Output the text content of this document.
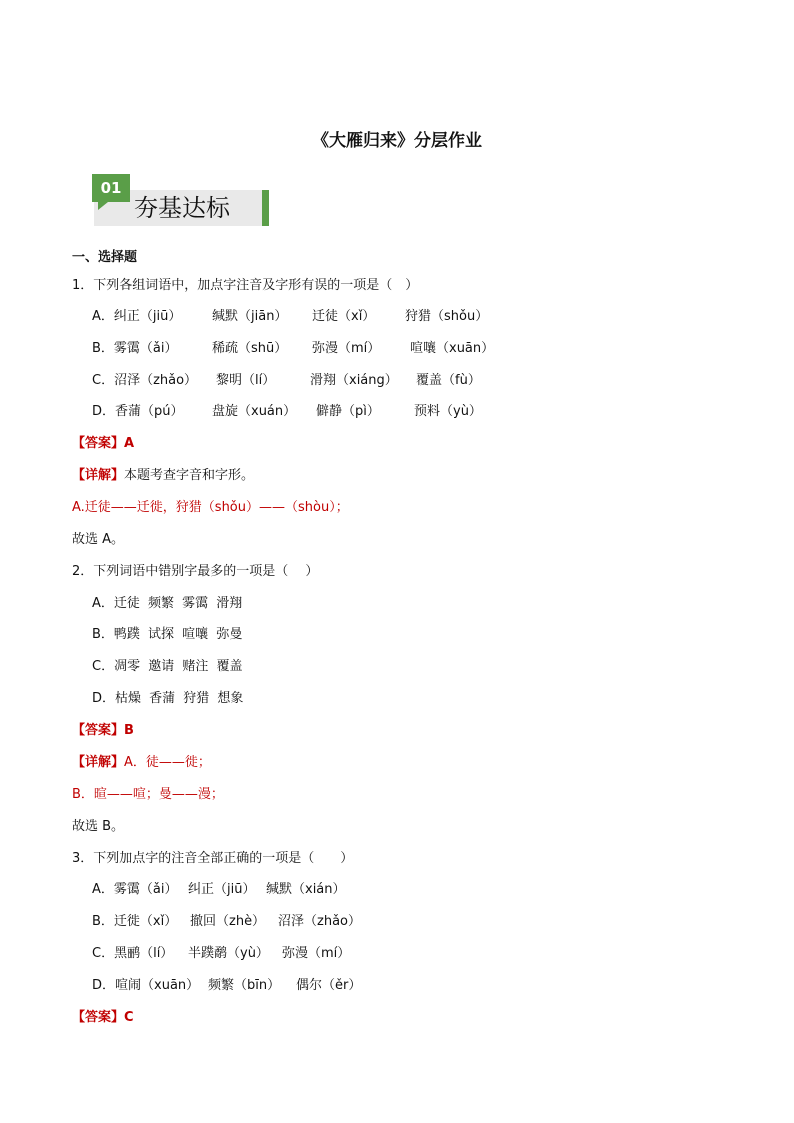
《大雁归来》分层作业
01
夯基达标
一、选择题
1．下列各组词语中，加点字注音及字形有误的一项是（　）
A．纠正（jiū） 缄默（jiān） 迁徒（xǐ） 狩猎（shǒu）
B．雾霭（ǎi）	稀疏（shū） 弥漫（mí） 喧嚷（xuān）
C．沼泽（zhǎo） 黎明（lí）	滑翔（xiáng） 覆盖（fù）
D．香蒲（pú） 盘旋（xuán） 僻静（pì）	预料（yù）
【答案】A
【详解】本题考查字音和字形。
A.迁徒——迁徙，狩猎（shǒu）——（shòu）；
故选 A。
2．下列词语中错别字最多的一项是（　 ）
A．迁徒 频繁 雾霭 滑翔
B．鸭蹼 试探 喧嚷 弥曼
C．凋零 邀请 赌注 覆盖
D．枯燥 香蒲 狩猎 想象
【答案】B
【详解】A．徒——徙；
B．暄——喧；曼——漫；
故选 B。
3．下列加点字的注音全部正确的一项是（　　）
A．雾霭（ǎi） 纠正（jiū） 缄默（xián）
B．迁徙（xǐ） 撤回（zhè） 沼泽（zhǎo）
C．黑鹂（lí） 半蹼鹬（yù） 弥漫（mí）
D．喧闹（xuān） 频繁（bīn） 偶尔（ěr）
【答案】C
